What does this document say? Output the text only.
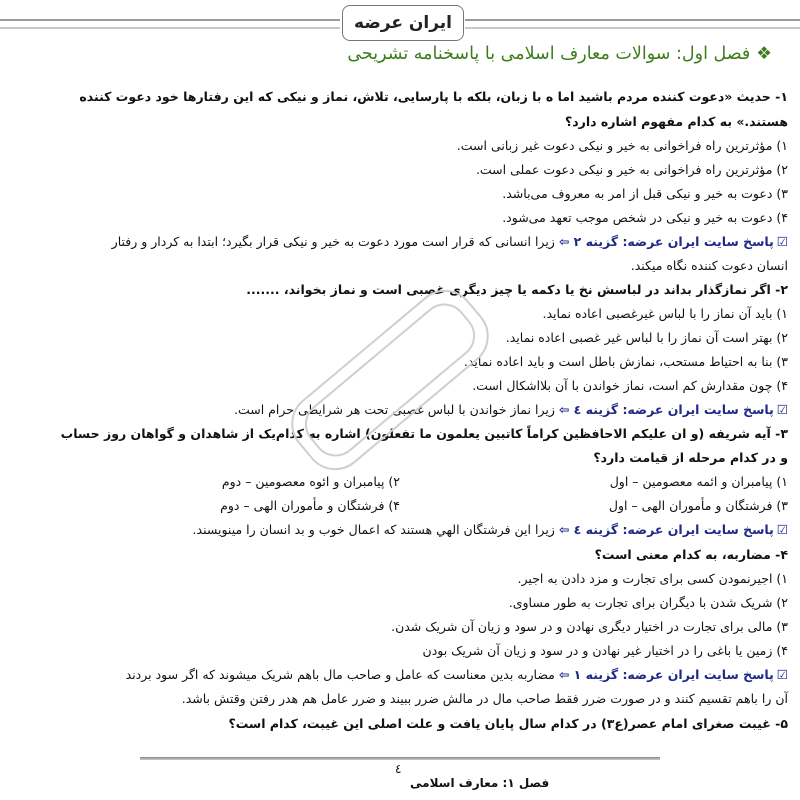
ایران عرضه
❖فصل اول: سوالات معارف اسلامی با پاسخنامه تشریحی
۱- حدیث «دعوت کننده مردم باشید اما ه با زبان، بلکه با پارسایی، تلاش، نماز و نیکی که این رفتارها خود دعوت کننده
هستند.» به کدام مفهوم اشاره دارد؟
۱) مؤثرترین راه فراخوانی به خیر و نیکی دعوت غیر زبانی است.
۲) مؤثرترین راه فراخوانی به خیر و نیکی دعوت عملی است.
۳) دعوت به خیر و نیکی قبل از امر به معروف می‌باشد.
۴) دعوت به خیر و نیکی در شخص موجب تعهد می‌شود.
☑پاسخ سایت ایران عرضه: گزینه ۲ ⇦ زیرا انسانی که قرار است مورد دعوت به خیر و نیکی قرار بگیرد؛ ابتدا به کردار و رفتار
انسان دعوت کننده نگاه میکند.
۲- اگر نمازگذار بداند در لباسش نخ یا دکمه یا چیز دیگری غصبی است و نماز بخواند، .......
۱) باید آن نماز را با لباس غیرغصبی اعاده نماید.
۲) بهتر است آن نماز را با لباس غیر غصبی اعاده نماید.
۳) بنا به احتیاط مستحب، نمازش باطل است و باید اعاده نماید.
۴) چون مقدارش کم است، نماز خواندن با آن بلااشکال است.
☑پاسخ سایت ایران عرضه: گزینه ٤ ⇦ زیرا نماز خواندن با لباس غصبی تحت هر شرایطی حرام است.
۳- آیه شریفه (و ان علیکم الاحافظین کراماً کاتبین یعلمون ما تفعلون) اشاره به کدام‌یک از شاهدان و گواهان روز حساب
و در کدام مرحله از قیامت دارد؟
۱) پیامبران و ائمه معصومین – اول
۲) پیامبران و ائوه معصومین – دوم
۳) فرشتگان و مأموران الهی – اول
۴) فرشتگان و مأموران الهی – دوم
☑پاسخ سایت ایران عرضه: گزینه ٤ ⇦ زیرا این فرشتگان الهي هستند که اعمال خوب و بد انسان را مینویسند.
۴- مضاربه، به کدام معنی است؟
۱) اجیرنمودن کسی برای تجارت و مزد دادن به اجیر.
۲) شریک شدن با دیگران برای تجارت به طور مساوی.
۳) مالی برای تجارت در اختیار دیگری نهادن و در سود و زیان آن شریک شدن.
۴) زمین یا باغی را در اختیار غیر نهادن و در سود و زیان آن شریک بودن
☑پاسخ سایت ایران عرضه: گزینه ۱ ⇦ مضاربه بدین معناست که عامل و صاحب مال باهم شریک میشوند که اگر سود بردند
آن را باهم تقسیم کنند و در صورت ضرر فقط صاحب مال در مالش ضرر ببیند و ضرر عامل هم هدر رفتن وقتش باشد.
۵- غیبت صغرای امام عصر(ع۳) در کدام سال پایان یافت و علت اصلی این غیبت، کدام است؟
٤
فصل ۱: معارف اسلامی
